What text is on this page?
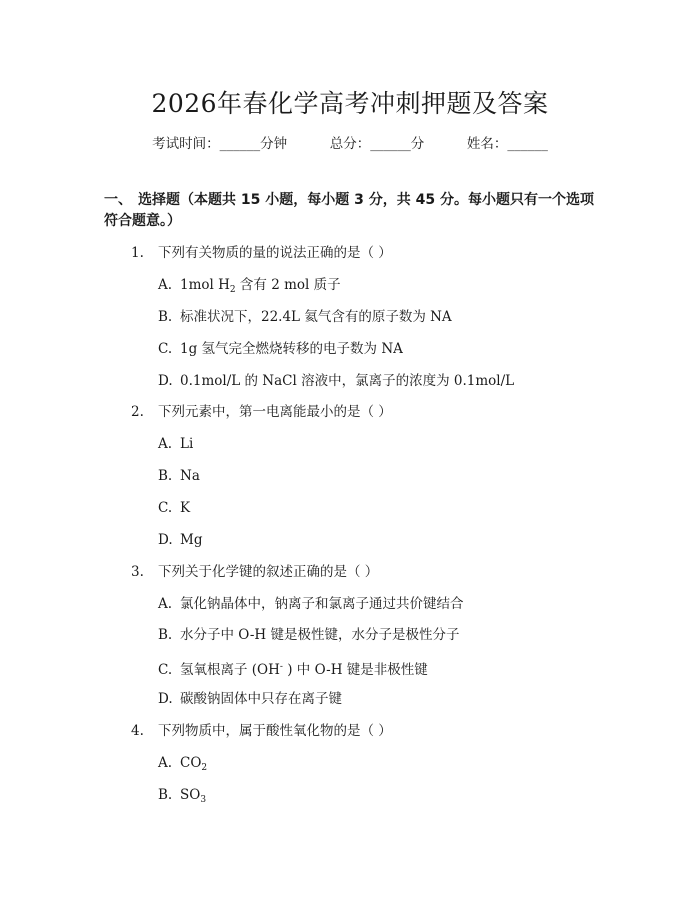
2026年春化学高考冲刺押题及答案
考试时间：______分钟	总分：______分	姓名：______
一、 选择题（本题共 15 小题，每小题 3 分，共 45 分。每小题只有一个选项符合题意。）
1. 下列有关物质的量的说法正确的是（ ）
A. 1mol $H_2$ 含有 2 mol 质子
B. 标准状况下，22.4L 氦气含有的原子数为 NA
C. 1g 氢气完全燃烧转移的电子数为 NA
D. 0.1mol/L 的 NaCl 溶液中，氯离子的浓度为 0.1mol/L
2. 下列元素中，第一电离能最小的是（ ）
A. Li
B. Na
C. K
D. Mg
3. 下列关于化学键的叙述正确的是（ ）
A. 氯化钠晶体中，钠离子和氯离子通过共价键结合
B. 水分子中 O-H 键是极性键，水分子是极性分子
C. 氢氧根离子 (OH- ) 中 O-H 键是非极性键
D. 碳酸钠固体中只存在离子键
4. 下列物质中，属于酸性氧化物的是（ ）
A. $CO_2$
B. $SO_3$
